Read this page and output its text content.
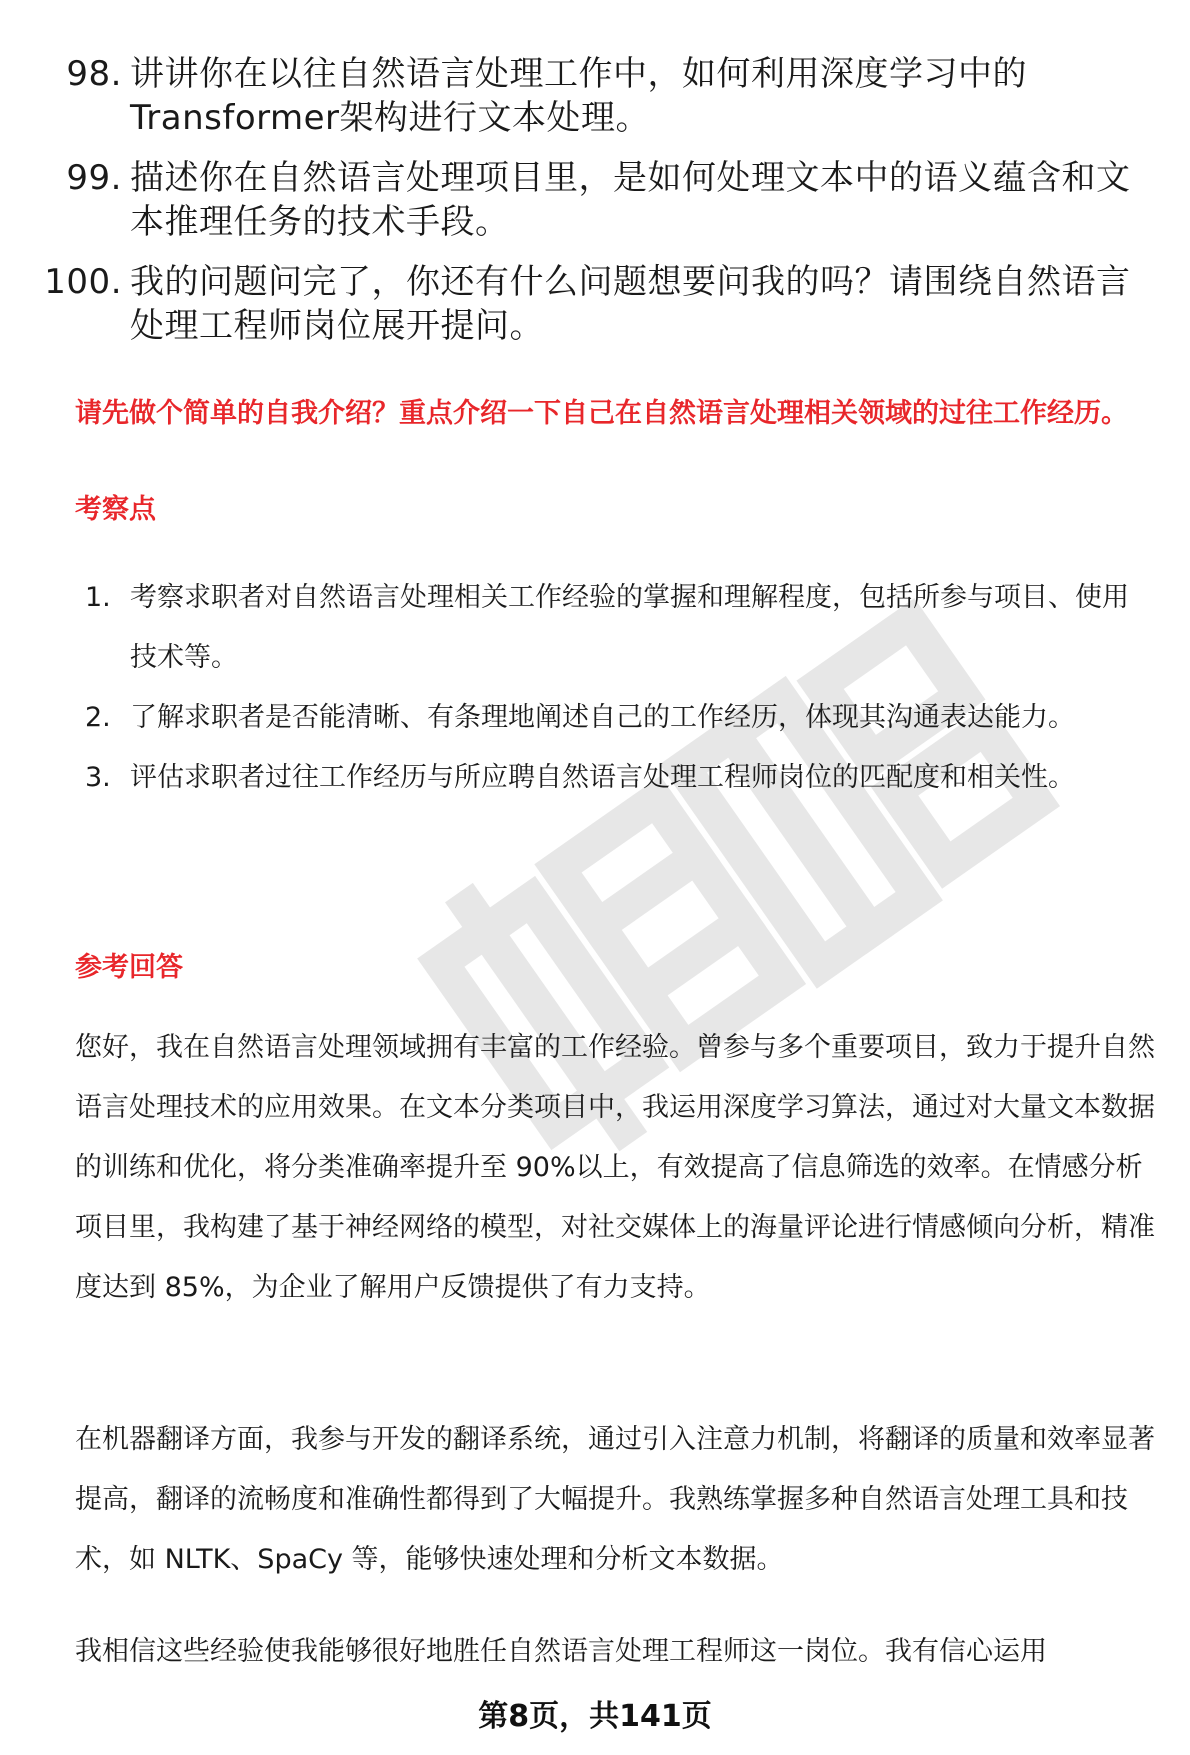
98. 讲讲你在以往自然语言处理工作中，如何利用深度学习中的Transformer架构进行文本处理。
99. 描述你在自然语言处理项目里，是如何处理文本中的语义蕴含和文本推理任务的技术手段。
100. 我的问题问完了，你还有什么问题想要问我的吗？请围绕自然语言处理工程师岗位展开提问。
请先做个简单的自我介绍？重点介绍一下自己在自然语言处理相关领域的过往工作经历。
考察点
1. 考察求职者对自然语言处理相关工作经验的掌握和理解程度，包括所参与项目、使用技术等。
2. 了解求职者是否能清晰、有条理地阐述自己的工作经历，体现其沟通表达能力。
3. 评估求职者过往工作经历与所应聘自然语言处理工程师岗位的匹配度和相关性。
参考回答

您好，我在自然语言处理领域拥有丰富的工作经验。曾参与多个重要项目，致力于提升自然语言处理技术的应用效果。在文本分类项目中，我运用深度学习算法，通过对大量文本数据的训练和优化，将分类准确率提升至 90%以上，有效提高了信息筛选的效率。在情感分析项目里，我构建了基于神经网络的模型，对社交媒体上的海量评论进行情感倾向分析，精准度达到 85%，为企业了解用户反馈提供了有力支持。

在机器翻译方面，我参与开发的翻译系统，通过引入注意力机制，将翻译的质量和效率显著提高，翻译的流畅度和准确性都得到了大幅提升。我熟练掌握多种自然语言处理工具和技术，如 NLTK、SpaCy 等，能够快速处理和分析文本数据。

我相信这些经验使我能够很好地胜任自然语言处理工程师这一岗位。我有信心运用

第8页，共141页
